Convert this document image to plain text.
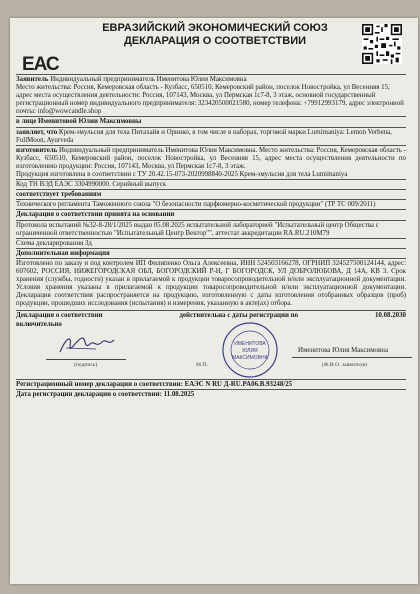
ЕАС
ЕВРАЗИЙСКИЙ ЭКОНОМИЧЕСКИЙ СОЮЗ
ДЕКЛАРАЦИЯ О СООТВЕТСТВИИ
Заявитель Индивидуальный предприниматель Именитова Юлия Максимовна
Место жительства: Россия, Кемеровская область - Кузбасс, 650510, Кемеровский район, поселок Новостройка, ул Весенняя 15, адрес места осуществления деятельности: Россия, 107143, Москва, ул Пермская 1с7-8, 3 этаж, основной государственный регистрационный номер индивидуального предпринимателя: 323420500021580, номер телефона: +79912993179, адрес электронной почты: info@wowcandle.shop
в лице Именитовой Юлии Максимовны
заявляет, что Крем-эмульсия для тела Питахайя и Оринко, в том числе в наборах, торговой марки Lumimaniya: Lemon Verbena, FullMoon, Ayurveda
изготовитель Индивидуальный предприниматель Именитова Юлия Максимовна. Место жительства: Россия, Кемеровская область - Кузбасс, 650510, Кемеровский район, поселок Новостройка, ул Весенняя 15, адрес места осуществления деятельности по изготовлению продукции: Россия, 107143, Москва, ул Пермская 1с7-8, 3 этаж.
Продукция изготовлена в соответствии с ТУ 20.42.15-073-2020998840-2025 Крем-эмульсия для тела Lumimaniya
Код ТН ВЭД ЕАЭС 3304990000. Серийный выпуск
соответствует требованиям
Технического регламента Таможенного союза "О безопасности парфюмерно-косметической продукции" (ТР ТС 009/2011)
Декларация о соответствии принята на основании
Протокола испытаний №32-8-28/1/2025 выдан 05.08.2025 испытательной лабораторией "Испытательный центр Общества с ограниченной ответственностью "Испытательный Центр Вектор"", аттестат аккредитации RA.RU.210M79
Схема декларирования 3д
Дополнительная информация
Изготовлено по заказу и под контролем ИП Филипенко Ольга Алексеевна, ИНН 524503166278, ОГРНИП 324527500124144, адрес: 607602, РОССИЯ, НИЖЕГОРОДСКАЯ ОБЛ, БОГОРОДСКИЙ Р-Н, Г БОГОРОДСК, УЛ ДОБРОЛЮБОВА, Д 14А, КВ 3. Срок хранения (службы, годности) указан в прилагаемой к продукции товаросопроводительной и/или эксплуатационной документации. Условия хранения указаны в прилагаемой к продукции товаросопроводительной и/или эксплуатационной документации. Декларация соответствия распространяется на продукцию, изготовленную с даты изготовления отобранных образцов (проб) продукции, прошедших исследования (испытания) и измерения, указанную в акте(ах) отбора.
Декларация о соответствии	действительна с даты регистрации по	10.08.2030
включительно
(подпись)
ИМЕНИТОВА
ЮЛИЯ
МАКСИМОВНА
М.П.
Именитова Юлия Максимовна
(Ф.И.О. заявителя)
Регистрационный номер декларации о соответствии: ЕАЭС N RU Д-RU.PA06.B.93248/25
Дата регистрации декларации о соответствии: 11.08.2025
